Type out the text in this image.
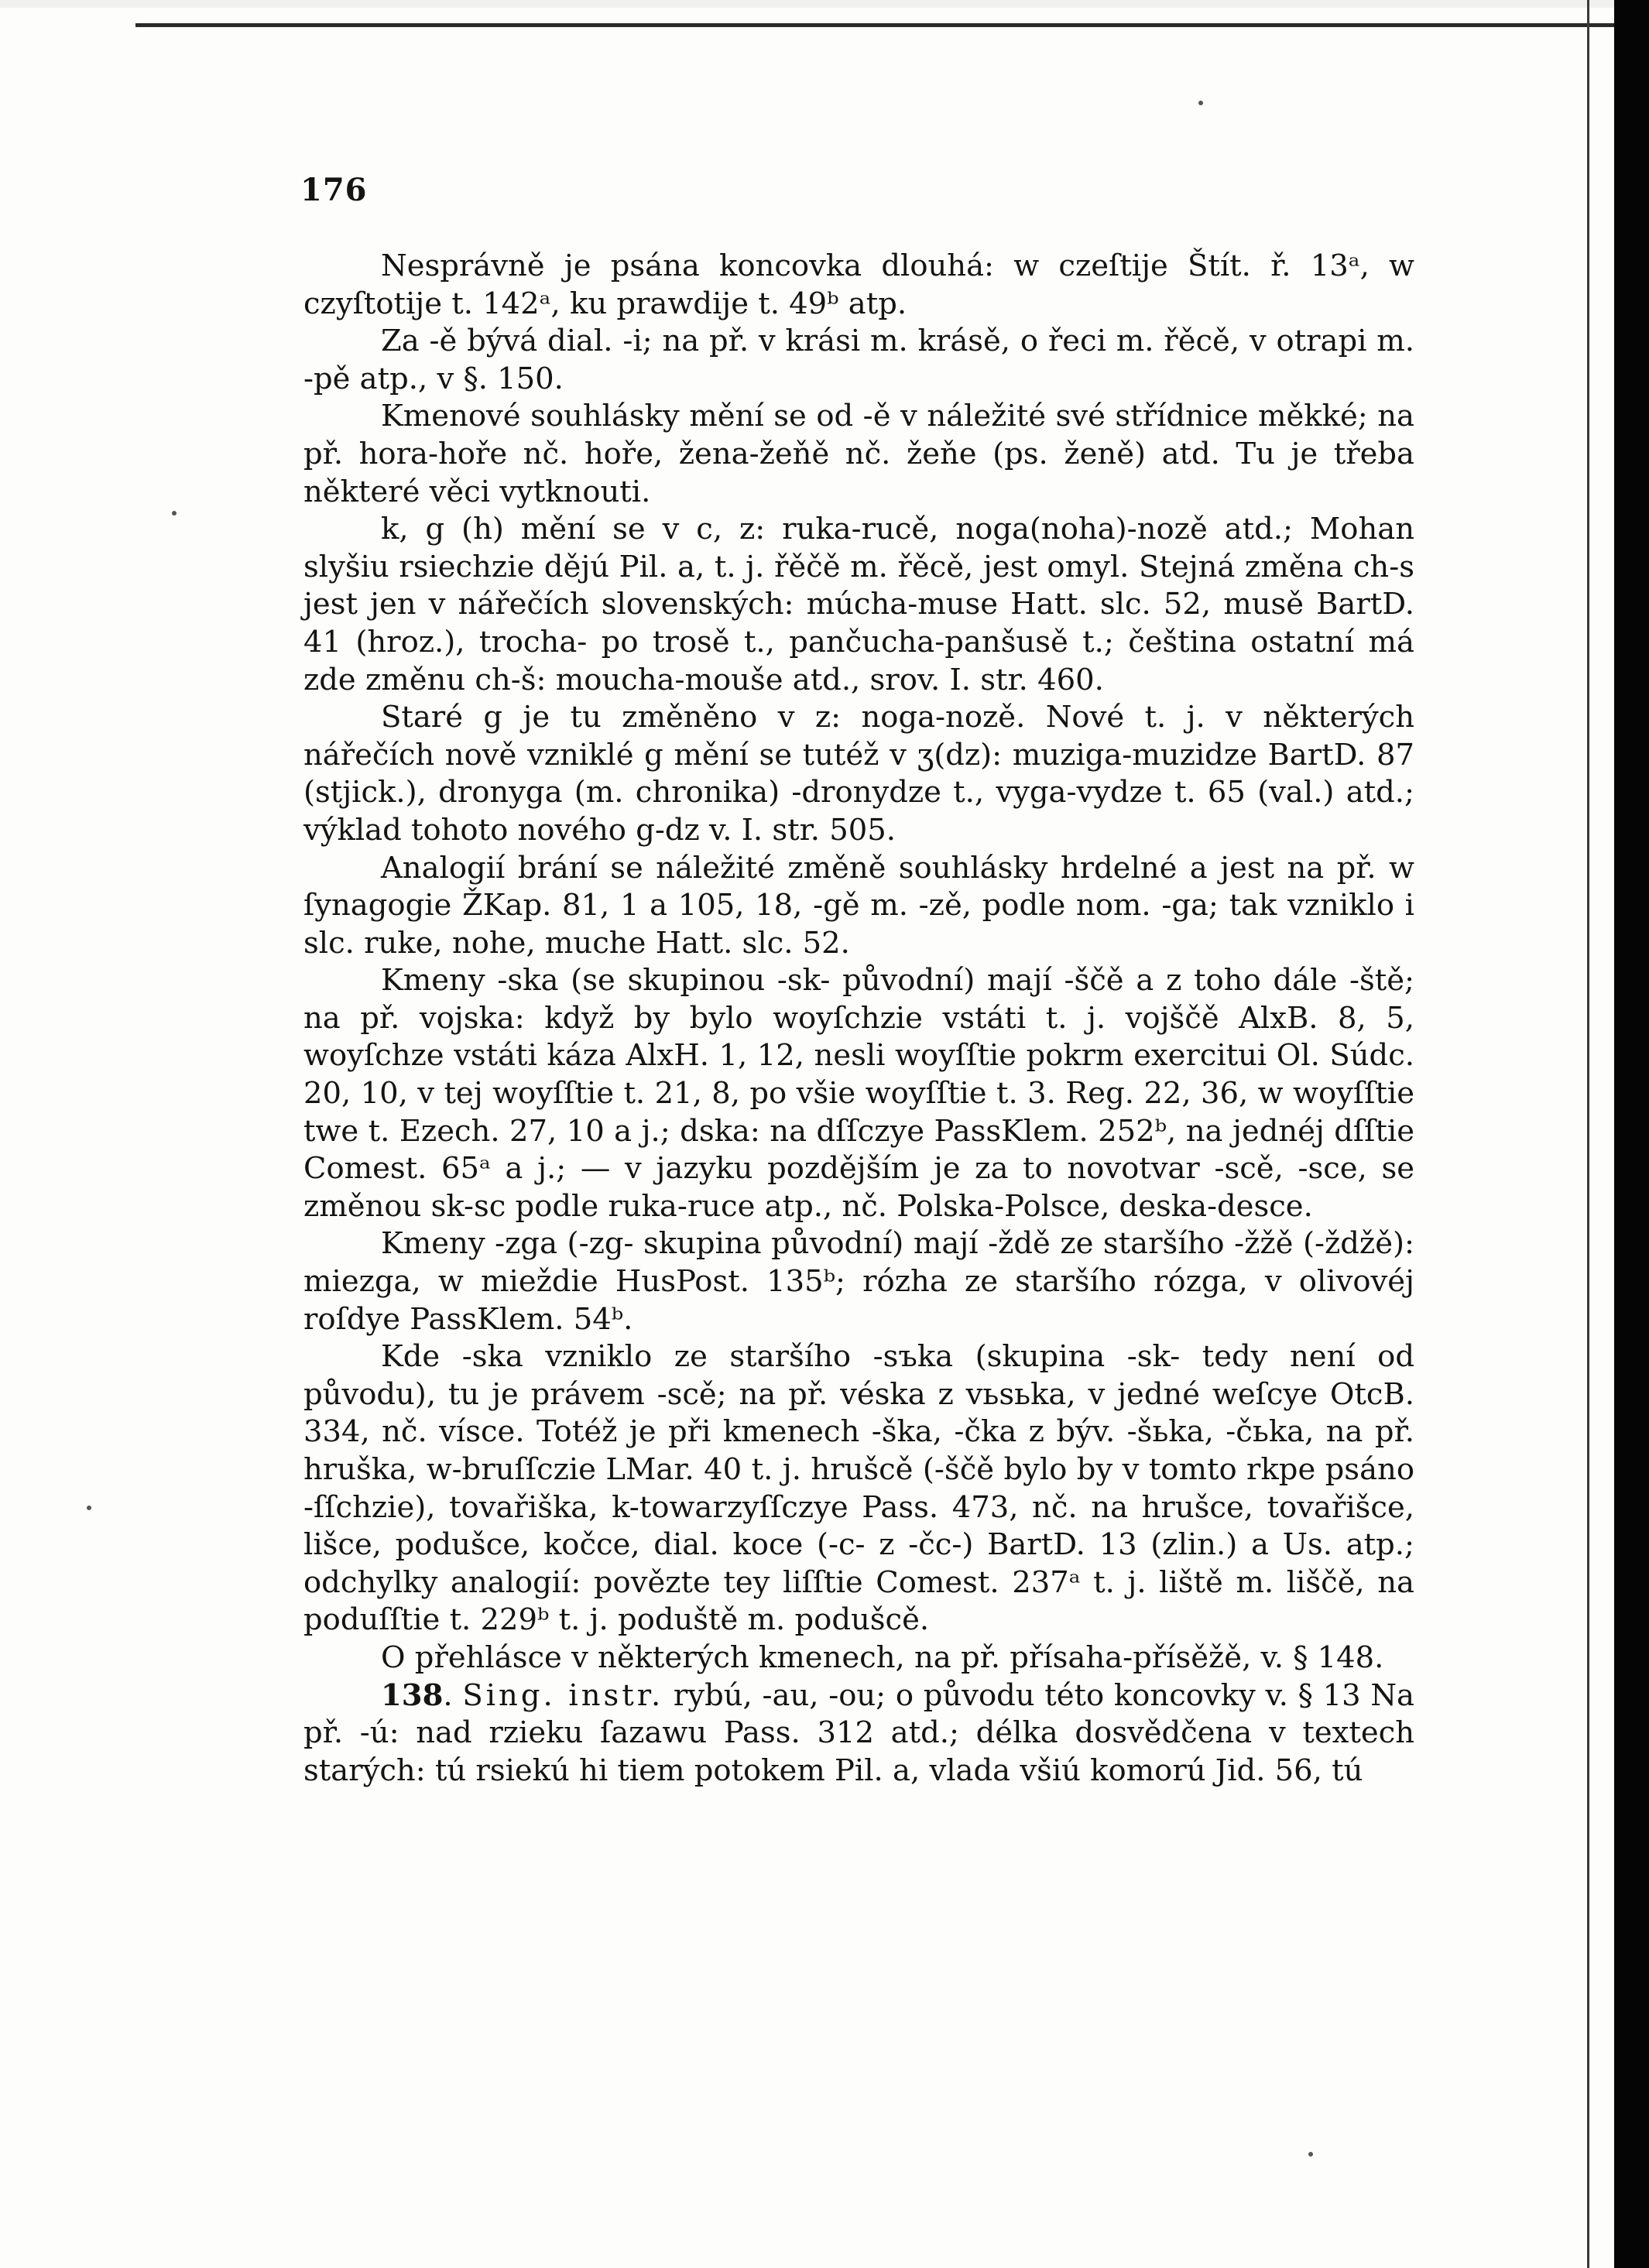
176

Nesprávně je psána koncovka dlouhá: w czeſtije Štít. ř. 13ᵃ, w czyſtotije t. 142ᵃ, ku prawdije t. 49ᵇ atp.

Za -ě bývá dial. -i; na př. v krási m. krásě, o řeci m. řěcě, v otrapi m. -pě atp., v §. 150.

Kmenové souhlásky mění se od -ě v náležité své střídnice měkké; na př. hora-hoře nč. hoře, žena-žeňě nč. žeňe (ps. ženě) atd. Tu je třeba některé věci vytknouti.

k, g (h) mění se v c, z: ruka-rucě, noga(noha)-nozě atd.; Mohan slyšiu rsiechzie dějú Pil. a, t. j. řěčě m. řěcě, jest omyl. Stejná změna ch-s jest jen v nářečích slovenských: múcha-muse Hatt. slc. 52, musě BartD. 41 (hroz.), trocha- po trosě t., pančucha-panšusě t.; čeština ostatní má zde změnu ch-š: moucha-mouše atd., srov. I. str. 460.

Staré g je tu změněno v z: noga-nozě. Nové t. j. v některých nářečích nově vzniklé g mění se tutéž v ʒ(dz): muziga-muzidze BartD. 87 (stjick.), dronyga (m. chronika) -dronydze t., vyga-vydze t. 65 (val.) atd.; výklad tohoto nového g-dz v. I. str. 505.

Analogií brání se náležité změně souhlásky hrdelné a jest na př. w ſynagogie ŽKap. 81, 1 a 105, 18, -gě m. -zě, podle nom. -ga; tak vzniklo i slc. ruke, nohe, muche Hatt. slc. 52.

Kmeny -ska (se skupinou -sk- původní) mají -ščě a z toho dále -ště; na př. vojska: když by bylo woyſchzie vstáti t. j. vojščě AlxB. 8, 5, woyſchze vstáti káza AlxH. 1, 12, nesli woyſſtie pokrm exercitui Ol. Súdc. 20, 10, v tej woyſſtie t. 21, 8, po všie woyſſtie t. 3. Reg. 22, 36, w woyſſtie twe t. Ezech. 27, 10 a j.; dska: na dſſczye PassKlem. 252ᵇ, na jednéj dſſtie Comest. 65ᵃ a j.; — v jazyku pozdějším je za to novotvar -scě, -sce, se změnou sk-sc podle ruka-ruce atp., nč. Polska-Polsce, deska-desce.

Kmeny -zga (-zg- skupina původní) mají -ždě ze staršího -žžě (-ždžě): miezga, w mieždie HusPost. 135ᵇ; rózha ze staršího rózga, v olivovéj roſdye PassKlem. 54ᵇ.

Kde -ska vzniklo ze staršího -sъka (skupina -sk- tedy není od původu), tu je právem -scě; na př. véska z vьsьka, v jedné weſcye OtcB. 334, nč. vísce. Totéž je při kmenech -ška, -čka z býv. -šьka, -čьka, na př. hruška, w-bruſſczie LMar. 40 t. j. hrušcě (-ščě bylo by v tomto rkpe psáno -ſſchzie), tovařiška, k-towarzyſſczye Pass. 473, nč. na hrušce, tovařišce, lišce, podušce, kočce, dial. koce (-c- z -čc-) BartD. 13 (zlin.) a Us. atp.; odchylky analogií: povězte tey liſſtie Comest. 237ᵃ t. j. liště m. liščě, na poduſſtie t. 229ᵇ t. j. poduště m. podušcě.

O přehlásce v některých kmenech, na př. přísaha-přísěžě, v. § 148.

138. Sing. instr. rybú, -au, -ou; o původu této koncovky v. § 13 Na př. -ú: nad rzieku ſazawu Pass. 312 atd.; délka dosvědčena v textech starých: tú rsiekú hi tiem potokem Pil. a, vlada všiú komorú Jid. 56, tú
